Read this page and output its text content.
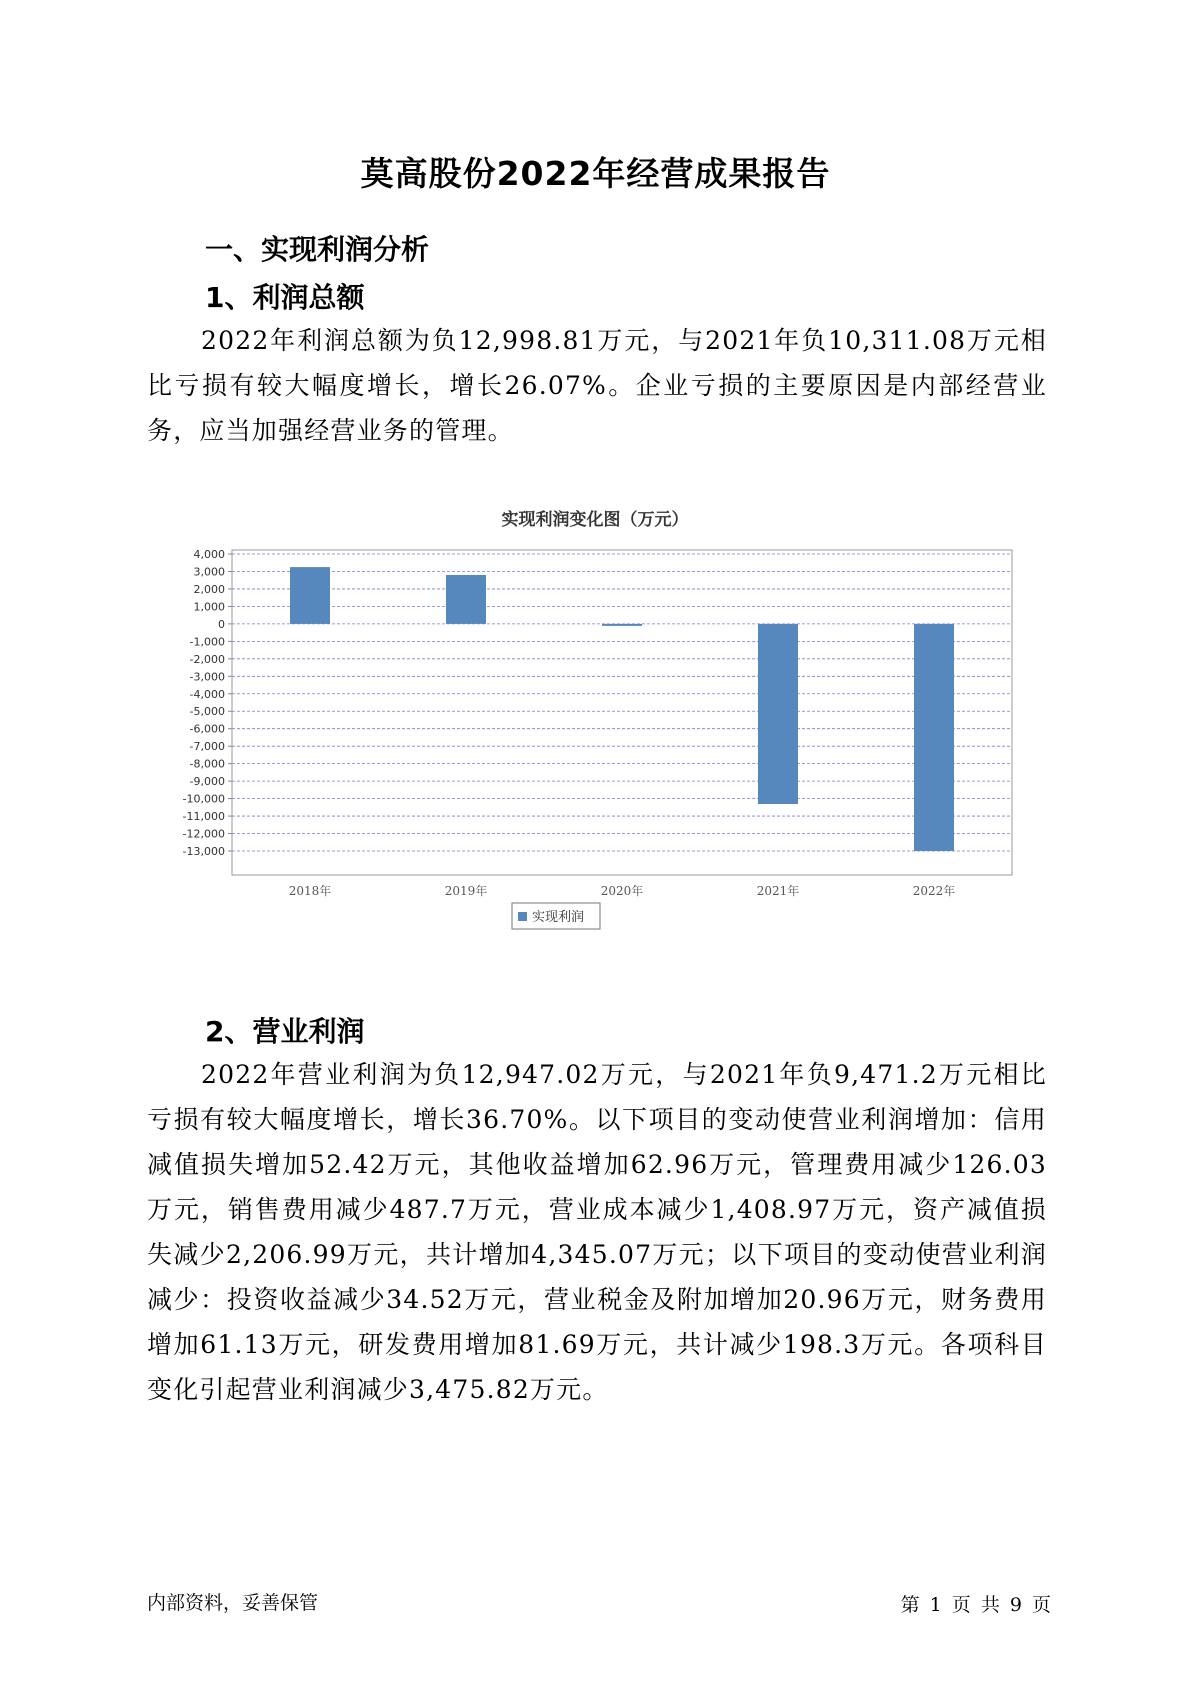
莫高股份2022年经营成果报告
一、实现利润分析
1、利润总额

2022年利润总额为负12,998.81万元，与2021年负10,311.08万元相比亏损有较大幅度增长，增长26.07%。企业亏损的主要原因是内部经营业务，应当加强经营业务的管理。

实现利润变化图（万元）
4,000
3,000
2,000
1,000
0
-1,000
-2,000
-3,000
-4,000
-5,000
-6,000
-7,000
-8,000
-9,000
-10,000
-11,000
-12,000
-13,000
2018年	2019年	2020年	2021年	2022年
实现利润
2、营业利润

2022年营业利润为负12,947.02万元，与2021年负9,471.2万元相比亏损有较大幅度增长，增长36.70%。以下项目的变动使营业利润增加：信用减值损失增加52.42万元，其他收益增加62.96万元，管理费用减少126.03万元，销售费用减少487.7万元，营业成本减少1,408.97万元，资产减值损失减少2,206.99万元，共计增加4,345.07万元；以下项目的变动使营业利润减少：投资收益减少34.52万元，营业税金及附加增加20.96万元，财务费用增加61.13万元，研发费用增加81.69万元，共计减少198.3万元。各项科目变化引起营业利润减少3,475.82万元。

内部资料，妥善保管	第 1 页 共 9 页
